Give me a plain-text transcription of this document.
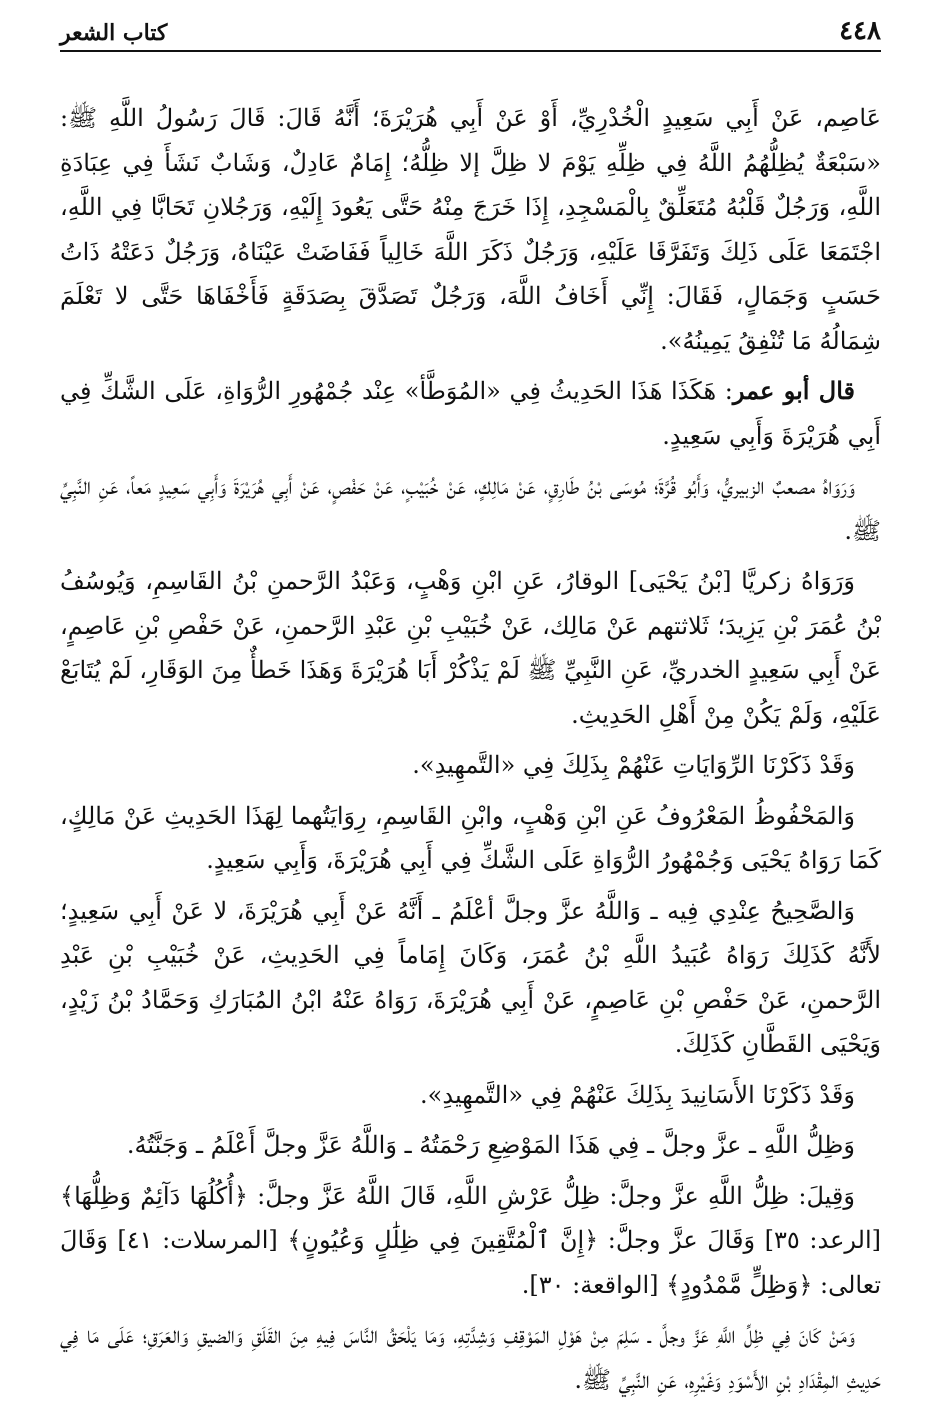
٤٤٨
كتاب الشعر

عَاصِم، عَنْ أَبِي سَعِيدٍ الْخُدْرِيِّ، أَوْ عَنْ أَبِي هُرَيْرَةَ؛ أَنَّهُ قَالَ: قَالَ رَسُولُ اللَّهِ ﷺ: «سَبْعَةٌ يُظِلُّهُمُ اللَّهُ فِي ظِلِّهِ يَوْمَ لا ظِلَّ إلا ظِلُّهُ؛ إِمَامٌ عَادِلٌ، وَشَابٌ نَشَأَ فِي عِبَادَةِ اللَّهِ، وَرَجُلٌ قَلْبُهُ مُتَعَلِّقٌ بِالْمَسْجِدِ، إِذَا خَرَجَ مِنْهُ حَتَّى يَعُودَ إِلَيْهِ، وَرَجُلانِ تَحَابَّا فِي اللَّهِ، اجْتَمَعَا عَلَى ذَلِكَ وَتَفَرَّقَا عَلَيْهِ، وَرَجُلٌ ذَكَرَ اللَّهَ خَالِياً فَفَاضَتْ عَيْنَاهُ، وَرَجُلٌ دَعَتْهُ ذَاتُ حَسَبٍ وَجَمَالٍ، فَقَالَ: إِنِّي أَخَافُ اللَّهَ، وَرَجُلٌ تَصَدَّقَ بِصَدَقَةٍ فَأَخْفَاهَا حَتَّى لا تَعْلَمَ شِمَالُهُ مَا تُنْفِقُ يَمِينُهُ».

قال أبو عمر: هَكَذَا هَذَا الحَدِيثُ فِي «المُوَطَّأ» عِنْد جُمْهُورِ الرُّوَاةِ، عَلَى الشَّكِّ فِي أَبِي هُرَيْرَةَ وَأَبِي سَعِيدٍ.

وَرَوَاهُ مصعبٌ الزبيريُّ، وَأَبُو قُرَّةَ؛ مُوسَى بْنُ طَارِقٍ، عَنْ مَالِكٍ، عَنْ خُبَيْبٍ، عَنْ حَفْصٍ، عَنْ أَبِي هُرَيْرَةَ وَأَبِي سَعِيدٍ مَعاً، عَنِ النَّبِيِّ ﷺ.

وَرَوَاهُ زكريَّا [بْنُ يَحْيَى] الوقارُ، عَنِ ابْنِ وَهْبٍ، وَعَبْدُ الرَّحمنِ بْنُ القَاسِمِ، وَيُوسُفُ بْنُ عُمَرَ بْنِ يَزِيدَ؛ ثَلاثتهم عَنْ مَالِك، عَنْ خُبَيْبِ بْنِ عَبْدِ الرَّحمنِ، عَنْ حَفْصِ بْنِ عَاصِمٍ، عَنْ أَبِي سَعِيدٍ الخدريِّ، عَنِ النَّبِيِّ ﷺ لَمْ يَذْكُرْ أَبَا هُرَيْرَةَ وَهَذَا خَطأٌ مِنَ الوَقَارِ، لَمْ يُتَابَعْ عَلَيْهِ، وَلَمْ يَكُنْ مِنْ أَهْلِ الحَدِيثِ.

وَقَدْ ذَكَرْنَا الرِّوَايَاتِ عَنْهُمْ بِذَلِكَ فِي «التَّمهِيدِ».

وَالمَحْفُوظُ المَعْرُوفُ عَنِ ابْنِ وَهْبٍ، وابْنِ القَاسِمِ، رِوَايَتُهما لِهَذَا الحَدِيثِ عَنْ مَالِكٍ، كَمَا رَوَاهُ يَحْيَى وَجُمْهُورُ الرُّوَاةِ عَلَى الشَّكِّ فِي أَبِي هُرَيْرَةَ، وَأَبِي سَعِيدٍ.

وَالصَّحِيحُ عِنْدِي فِيه ـ وَاللَّهُ عزَّ وجلَّ أعْلَمُ ـ أَنَّهُ عَنْ أَبِي هُرَيْرَةَ، لا عَنْ أَبِي سَعِيدٍ؛ لأَنَّهُ كَذَلِكَ رَوَاهُ عُبَيدُ اللَّهِ بْنُ عُمَرَ، وَكَانَ إِمَاماً فِي الحَدِيثِ، عَنْ خُبَيْبِ بْنِ عَبْدِ الرَّحمنِ، عَنْ حَفْصِ بْنِ عَاصِمٍ، عَنْ أَبِي هُرَيْرَةَ، رَوَاهُ عَنْهُ ابْنُ المُبَارَكِ وَحَمَّادُ بْنُ زَيْدٍ، وَيَحْيَى القَطَّانِ كَذَلِكَ.

وَقَدْ ذَكَرْنَا الأَسَانِيدَ بِذَلِكَ عَنْهُمْ فِي «التَّمهِيدِ».

وَظِلُّ اللَّهِ ـ عزَّ وجلَّ ـ فِي هَذَا المَوْضِعِ رَحْمَتُهُ ـ وَاللَّهُ عَزَّ وجلَّ أَعْلَمُ ـ وَجَنَّتُهُ.

وَقِيلَ: ظِلُّ اللَّهِ عزَّ وجلَّ: ظِلُّ عَرْشِ اللَّهِ، قَالَ اللَّهُ عَزَّ وجلَّ: ﴿أُكُلُهَا دَآئِمٌ وَظِلُّهَا﴾ [الرعد: ٣٥] وَقَالَ عزَّ وجلَّ: ﴿إِنَّ ٱلْمُتَّقِينَ فِي ظِلَٰلٍ وَعُيُونٍ﴾ [المرسلات: ٤١] وَقَالَ تعالى: ﴿وَظِلٍّ مَّمْدُودٍ﴾ [الواقعة: ٣٠].

وَمَنْ كَانَ فِي ظِلِّ اللَّهِ عَزَّ وجلَّ ـ سَلِمَ مِنْ هَوْلِ المَوْقِفِ وَشِدَّتِهِ، وَمَا يَلْحَقُ النَّاسَ فِيهِ مِنَ القَلَقِ وَالضيقِ وَالعَرَقِ؛ عَلَى مَا فِي حَدِيثِ المِقْدَادِ بْنِ الأَسْوَدِ وَغَيْرِهِ، عَنِ النَّبِيِّ ﷺ.
